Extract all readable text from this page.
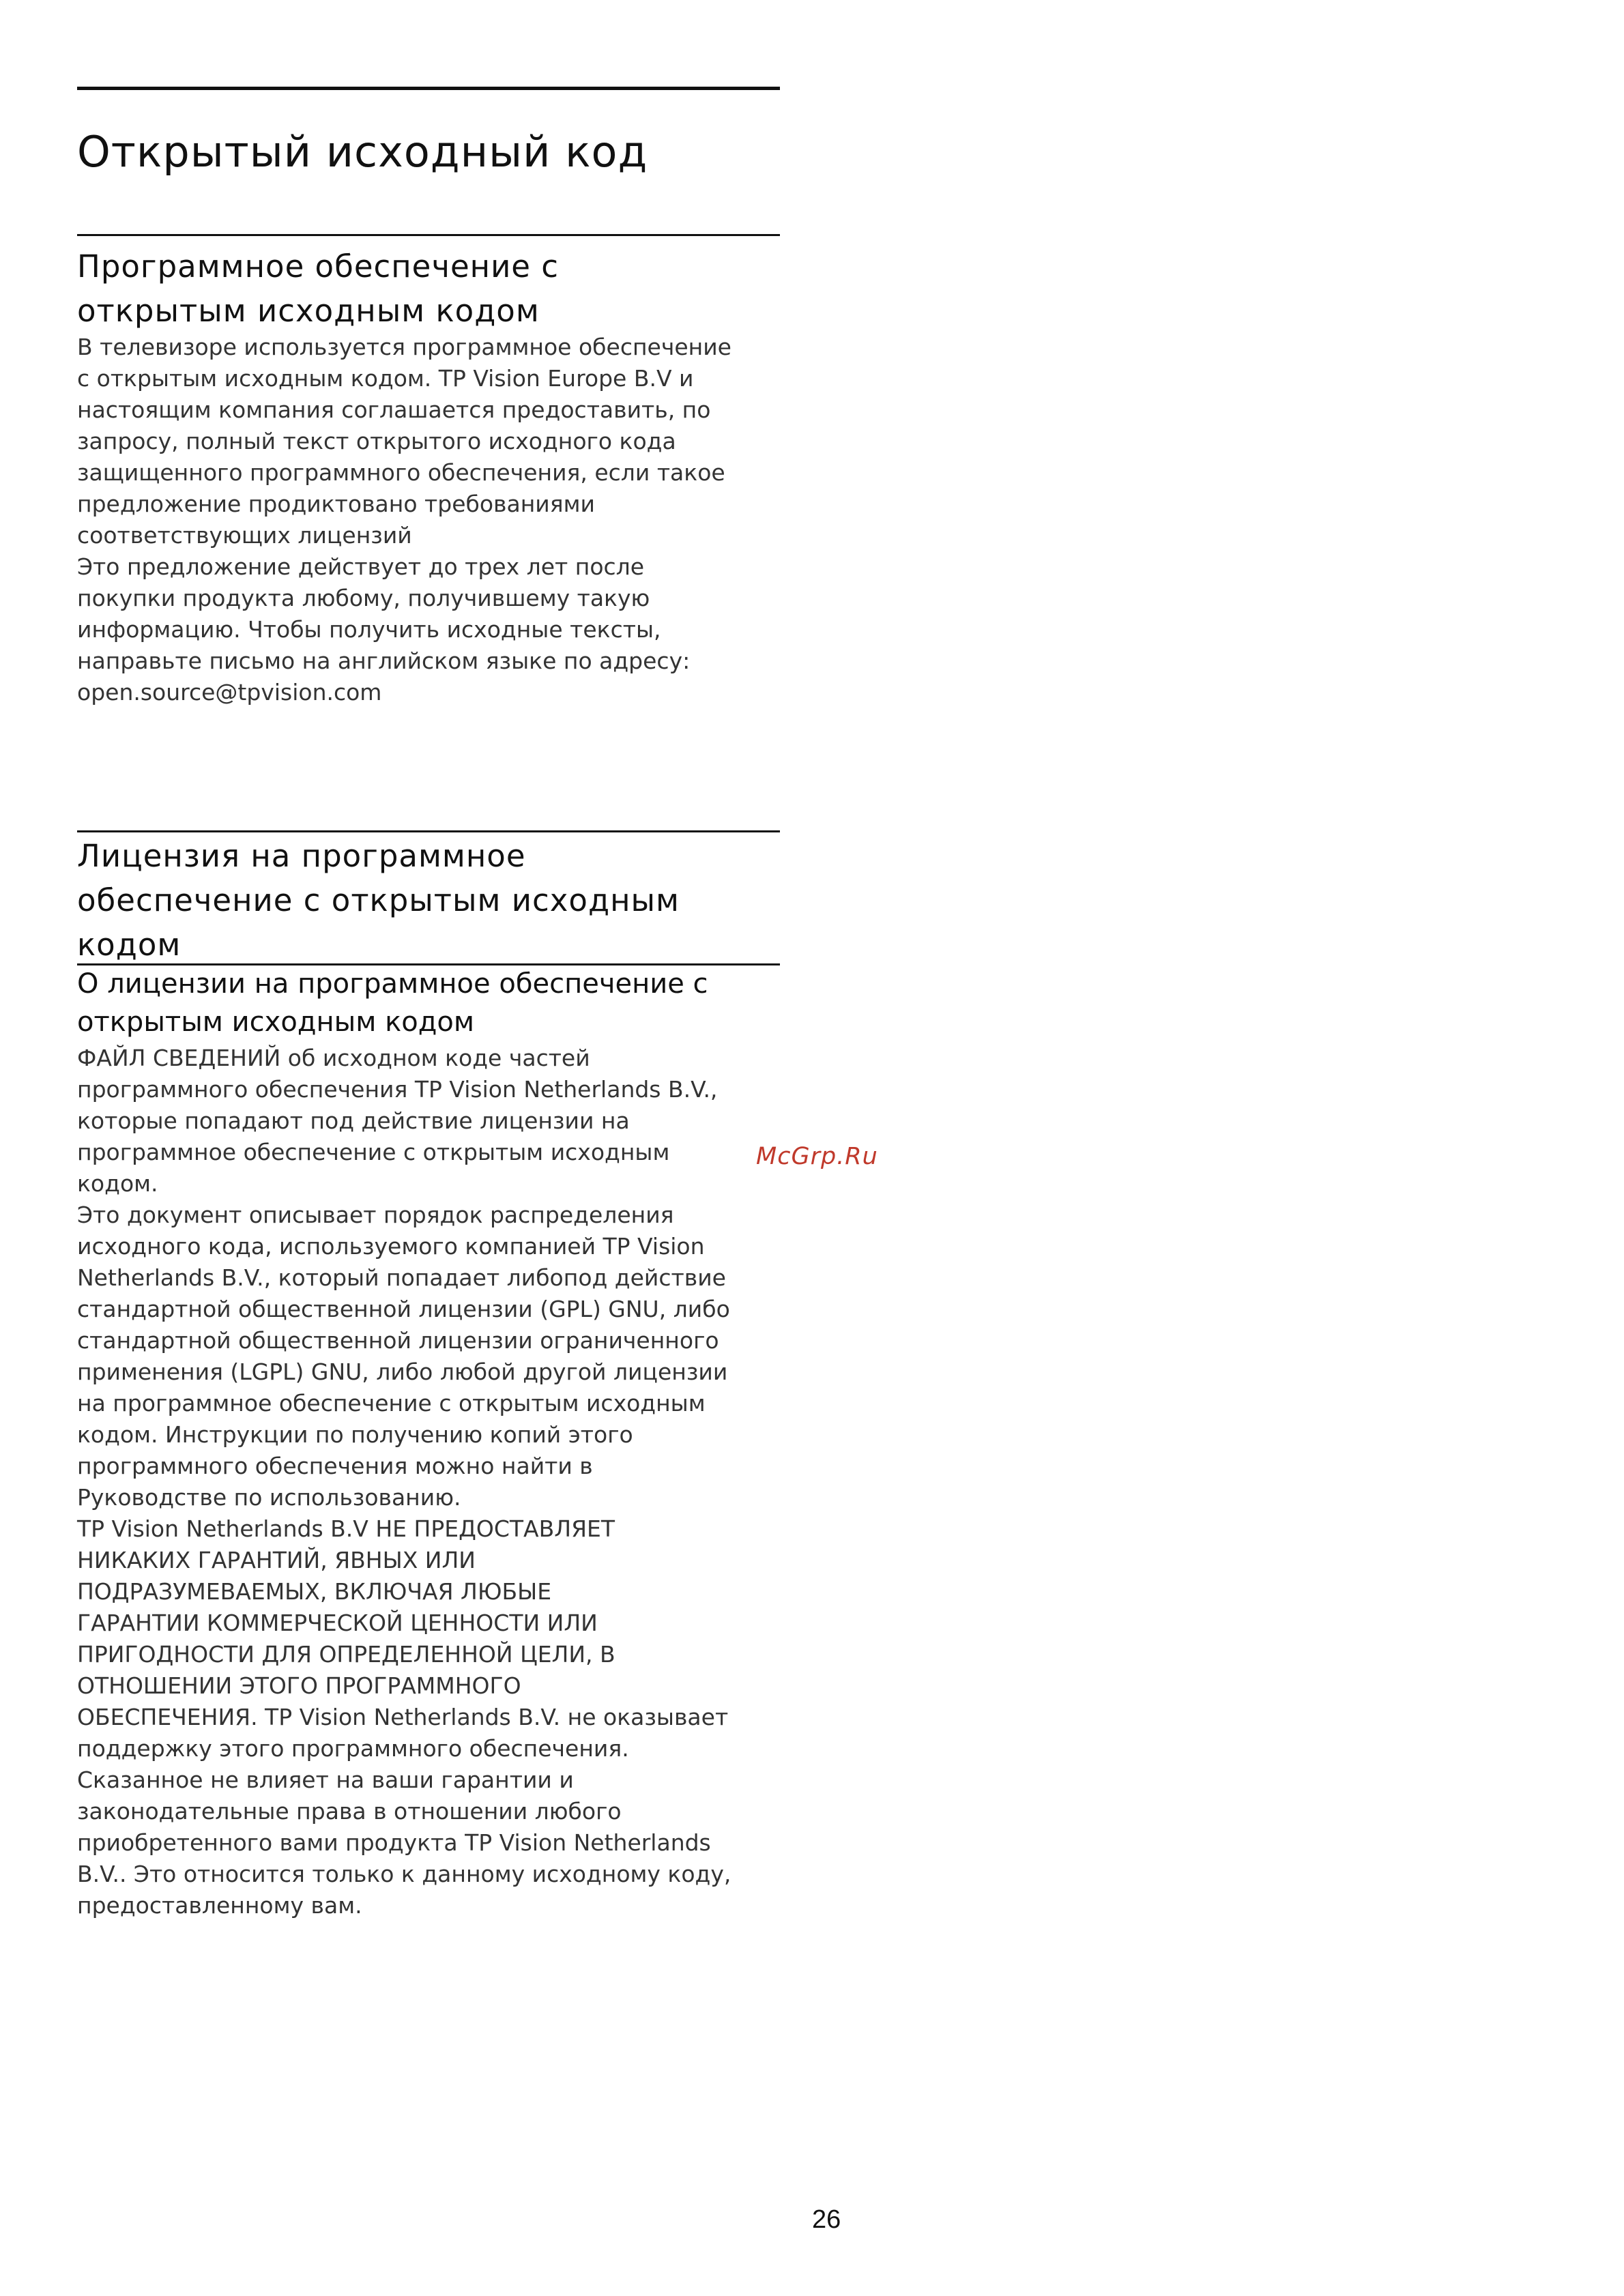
Открытый исходный код
Программное обеспечение с
открытым исходным кодом

В телевизоре используется программное обеспечение
с открытым исходным кодом. TP Vision Europe B.V и
настоящим компания соглашается предоставить, по
запросу, полный текст открытого исходного кода
защищенного программного обеспечения, если такое
предложение продиктовано требованиями
соответствующих лицензий

Это предложение действует до трех лет после
покупки продукта любому, получившему такую
информацию. Чтобы получить исходные тексты,
направьте письмо на английском языке по адресу:
open.source@tpvision.com

Лицензия на программное
обеспечение с открытым исходным
кодом
О лицензии на программное обеспечение с
открытым исходным кодом

ФАЙЛ СВЕДЕНИЙ об исходном коде частей
программного обеспечения TP Vision Netherlands B.V.,
которые попадают под действие лицензии на
программное обеспечение с открытым исходным
кодом.

Это документ описывает порядок распределения
исходного кода, используемого компанией TP Vision
Netherlands B.V., который попадает либопод действие
стандартной общественной лицензии (GPL) GNU, либо
стандартной общественной лицензии ограниченного
применения (LGPL) GNU, либо любой другой лицензии
на программное обеспечение с открытым исходным
кодом. Инструкции по получению копий этого
программного обеспечения можно найти в
Руководстве по использованию.

TP Vision Netherlands B.V НЕ ПРЕДОСТАВЛЯЕТ
НИКАКИХ ГАРАНТИЙ, ЯВНЫХ ИЛИ
ПОДРАЗУМЕВАЕМЫХ, ВКЛЮЧАЯ ЛЮБЫЕ
ГАРАНТИИ КОММЕРЧЕСКОЙ ЦЕННОСТИ ИЛИ
ПРИГОДНОСТИ ДЛЯ ОПРЕДЕЛЕННОЙ ЦЕЛИ, В
ОТНОШЕНИИ ЭТОГО ПРОГРАММНОГО
ОБЕСПЕЧЕНИЯ. TP Vision Netherlands B.V. не оказывает
поддержку этого программного обеспечения.
Сказанное не влияет на ваши гарантии и
законодательные права в отношении любого
приобретенного вами продукта TP Vision Netherlands
B.V.. Это относится только к данному исходному коду,
предоставленному вам.

McGrp.Ru
26
